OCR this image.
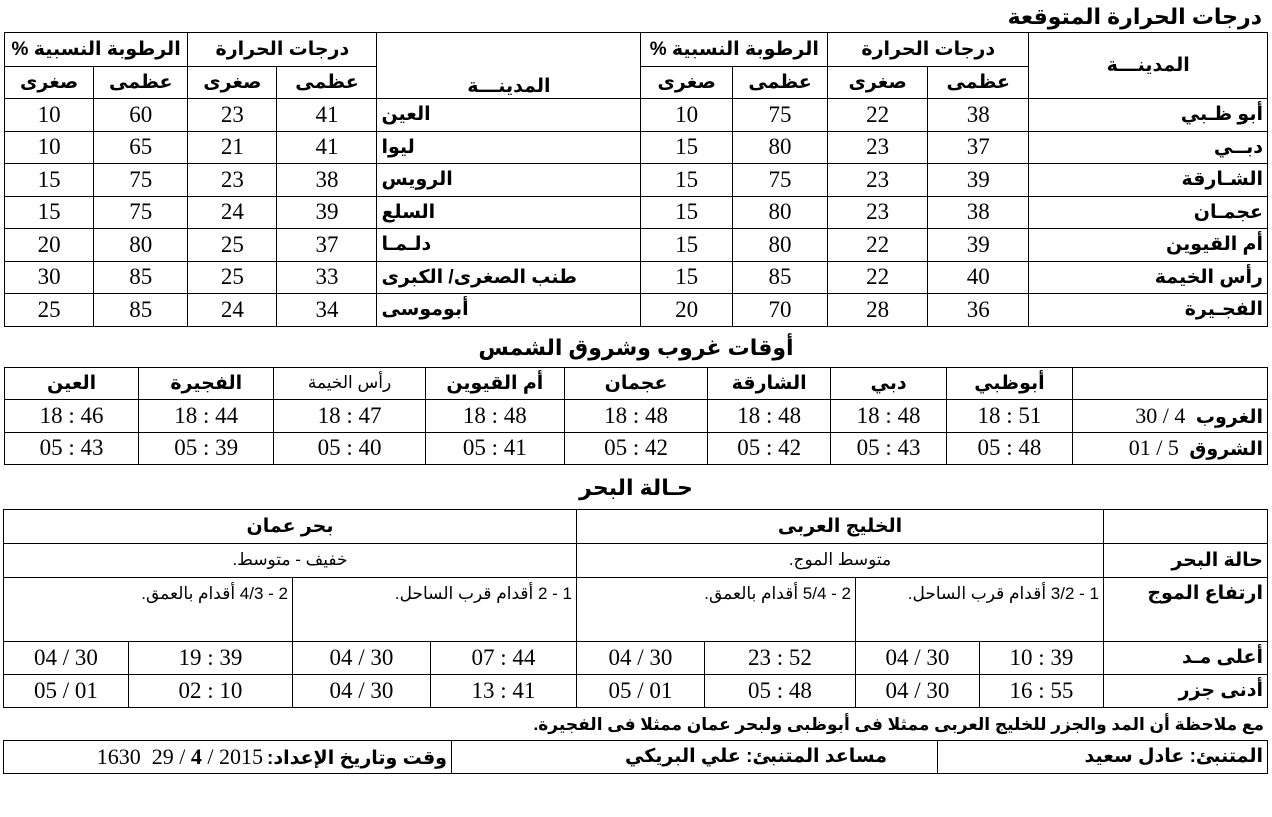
درجات الحرارة المتوقعة
المدينـــة	درجات الحرارة		الرطوبة النسبية %		المدينـــة	درجات الحرارة		الرطوبة النسبية %	
	عظمى	صغرى	عظمى	صغرى		عظمى	صغرى	عظمى	صغرى
أبو ظـبي	38	22	75	10	العين	41	23	60	10
دبــي	37	23	80	15	ليوا	41	21	65	10
الشـارقة	39	23	75	15	الرويس	38	23	75	15
عجمـان	38	23	80	15	السلع	39	24	75	15
أم القيوين	39	22	80	15	دلـمـا	37	25	80	20
رأس الخيمة	40	22	85	15	طنب الصغرى/ الكبرى	33	25	85	30
الفجـيرة	36	28	70	20	أبوموسى	34	24	85	25
أوقات غروب وشروق الشمس
	أبوظبي	دبي	الشارقة	عجمان	أم القيوين	رأس الخيمة	الفجيرة	العين
الغروب  30 / 4	18 : 51	18 : 48	18 : 48	18 : 48	18 : 48	18 : 47	18 : 44	18 : 46
الشروق  01 / 5	05 : 48	05 : 43	05 : 42	05 : 42	05 : 41	05 : 40	05 : 39	05 : 43
حـالة البحر
	الخليج العربى				بحر عمان			
حالة البحر	متوسط الموج.				خفيف - متوسط.			
ارتفاع الموج	1 - 3/2 أقدام قرب الساحل.		2 - 5/4 أقدام بالعمق.		1 - 2 أقدام قرب الساحل.		2 - 4/3 أقدام بالعمق.	
أعلى مـد	10 : 39	04 / 30	23 : 52	04 / 30	07 : 44	04 / 30	19 : 39	04 / 30
أدنى جزر	16 : 55	04 / 30	05 : 48	05 / 01	13 : 41	04 / 30	02 : 10	05 / 01
مع ملاحظة أن المد والجزر للخليج العربى ممثلا فى أبوظبى ولبحر عمان ممثلا فى الفجيرة.
المتنبئ: عادل سعيد	مساعد المتنبئ: علي البريكي	وقت وتاريخ الإعداد: 1630 29 / 4 / 2015
